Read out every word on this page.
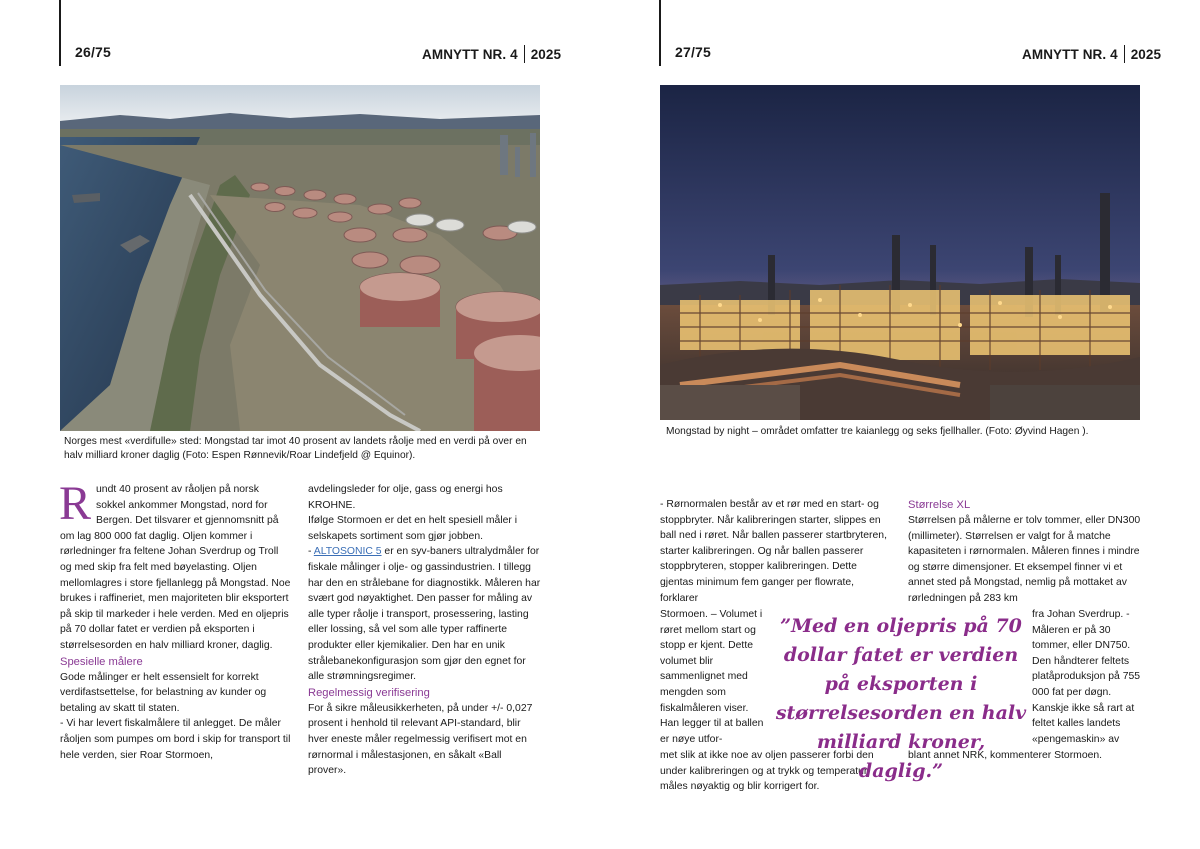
26/75	AMNYTT NR. 4 2025
Norges mest «verdifulle» sted: Mongstad tar imot 40 prosent av landets råolje med en verdi på over en halv milliard kroner daglig (Foto: Espen Rønnevik/Roar Lindefjeld @ Equinor).

R undt 40 prosent av råoljen på norsk
sokkel ankommer Mongstad, nord for
Bergen. Det tilsvarer et gjennomsnitt på om lag 800 000 fat daglig. Oljen kommer i rørledninger fra feltene Johan Sverdrup og Troll og med skip fra felt med bøyelasting. Oljen mellomlagres i store fjellanlegg på Mongstad. Noe brukes i raffineriet, men majoriteten blir eksportert på skip til markeder i hele verden. Med en oljepris på 70 dollar fatet er verdien på eksporten i størrelsesorden en halv milliard kroner, daglig.

Spesielle målere

Gode målinger er helt essensielt for korrekt verdifastsettelse, for belastning av kunder og betaling av skatt til staten.

- Vi har levert fiskalmålere til anlegget. De måler råoljen som pumpes om bord i skip for transport til hele verden, sier Roar Stormoen,

avdelingsleder for olje, gass og energi hos KROHNE.

Ifølge Stormoen er det en helt spesiell måler i selskapets sortiment som gjør jobben.

- ALTOSONIC 5 er en syv-baners ultralydmåler for fiskale målinger i olje- og gassindustrien. I tillegg har den en strålebane for diagnostikk. Måleren har svært god nøyaktighet. Den passer for måling av alle typer råolje i transport, prosessering, lasting eller lossing, så vel som alle typer raffinerte produkter eller kjemikalier. Den har en unik strålebanekonfigurasjon som gjør den egnet for alle strømningsregimer.

Regelmessig verifisering

For å sikre måleusikkerheten, på under +/- 0,027 prosent i henhold til relevant API-standard, blir hver eneste måler regelmessig verifisert mot en rørnormal i målestasjonen, en såkalt «Ball prover».

27/75	AMNYTT NR. 4 2025
Mongstad by night – området omfatter tre kaianlegg og seks fjellhaller. (Foto: Øyvind Hagen ).
- Rørnormalen består av et rør med en start- og stoppbryter. Når kalibreringen starter, slippes en ball ned i røret. Når ballen passerer startbryteren, starter kalibreringen. Og når ballen passerer stoppbryteren, stopper kalibreringen. Dette gjentas minimum fem ganger per flowrate, forklarer
Stormoen. – Volumet i røret mellom start og stopp er kjent. Dette volumet blir sammenlignet med mengden som fiskalmåleren viser. Han legger til at ballen er nøye utfor-
met slik at ikke noe av oljen passerer forbi den under kalibreringen og at trykk og temperatur måles nøyaktig og blir korrigert for.

Størrelse XL

Størrelsen på målerne er tolv tommer, eller DN300 (millimeter). Størrelsen er valgt for å matche kapasiteten i rørnormalen. Måleren finnes i mindre og større dimensjoner. Et eksempel finner vi et annet sted på Mongstad, nemlig på mottaket av rørledningen på 283 km

fra Johan Sverdrup. - Måleren er på 30 tommer, eller DN750. Den håndterer feltets platåproduksjon på 755 000 fat per døgn. Kanskje ikke så rart at feltet kalles landets «pengemaskin» av
blant annet NRK, kommenterer Stormoen.
”Med en oljepris på 70 dollar fatet er verdien på eksporten i størrelsesorden en halv milliard kroner, daglig.”
